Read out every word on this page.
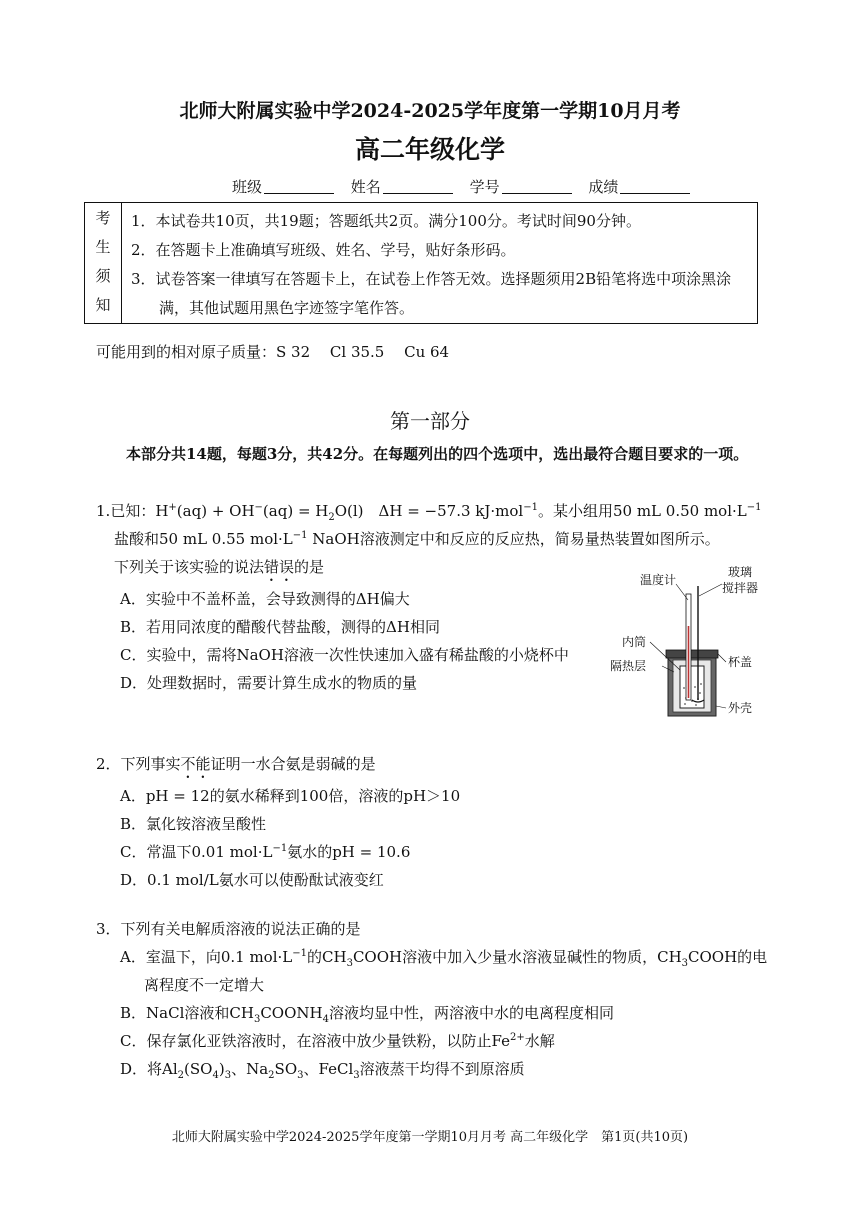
北师大附属实验中学2024-2025学年度第一学期10月月考
高二年级化学
班级	姓名	学号	成绩
考
生
须
知
1．本试卷共10页，共19题；答题纸共2页。满分100分。考试时间90分钟。
2．在答题卡上准确填写班级、姓名、学号，贴好条形码。
3．试卷答案一律填写在答题卡上，在试卷上作答无效。选择题须用2B铅笔将选中项涂黑涂满，其他试题用黑色字迹签字笔作答。
可能用到的相对原子质量：S 32　 Cl 35.5　 Cu 64
第一部分
本部分共14题，每题3分，共42分。在每题列出的四个选项中，选出最符合题目要求的一项。
1.已知：$H^+(aq) + OH^-(aq) = H_2O(l)$　ΔH = −57.3 kJ·mol$^{-1}$。某小组用50 mL 0.50 $mol\cdot L^{-1}$ 盐酸和50 mL 0.55 $mol\cdot L^{-1}$ NaOH溶液测定中和反应的反应热，简易量热装置如图所示。
下列关于该实验的说法错误的是
A．实验中不盖杯盖，会导致测得的ΔH偏大
B．若用同浓度的醋酸代替盐酸，测得的ΔH相同
C．实验中，需将NaOH溶液一次性快速加入盛有稀盐酸的小烧杯中
D．处理数据时，需要计算生成水的物质的量
温度计
玻璃
搅拌器
内筒
隔热层	杯盖
外壳
2．下列事实不能证明一水合氨是弱碱的是
A．pH = 12的氨水稀释到100倍，溶液的pH＞10
B．氯化铵溶液呈酸性
C．常温下0.01 $mol\cdot L^{-1}$氨水的pH = 10.6
D．0.1 mol/L氨水可以使酚酞试液变红
3．下列有关电解质溶液的说法正确的是
A．室温下，向0.1 $mol\cdot L^{-1}$的$CH_3COOH$溶液中加入少量水溶液显碱性的物质，$CH_3COOH$的电离程度不一定增大
B．NaCl溶液和$CH_3COONH_4$溶液均显中性，两溶液中水的电离程度相同
C．保存氯化亚铁溶液时，在溶液中放少量铁粉，以防止$Fe^{2+}$水解
D．将$Al_2(SO_4)_3$、$Na_2SO_3$、FeCl$_3$溶液蒸干均得不到原溶质
北师大附属实验中学2024-2025学年度第一学期10月月考 高二年级化学　第1页(共10页)
